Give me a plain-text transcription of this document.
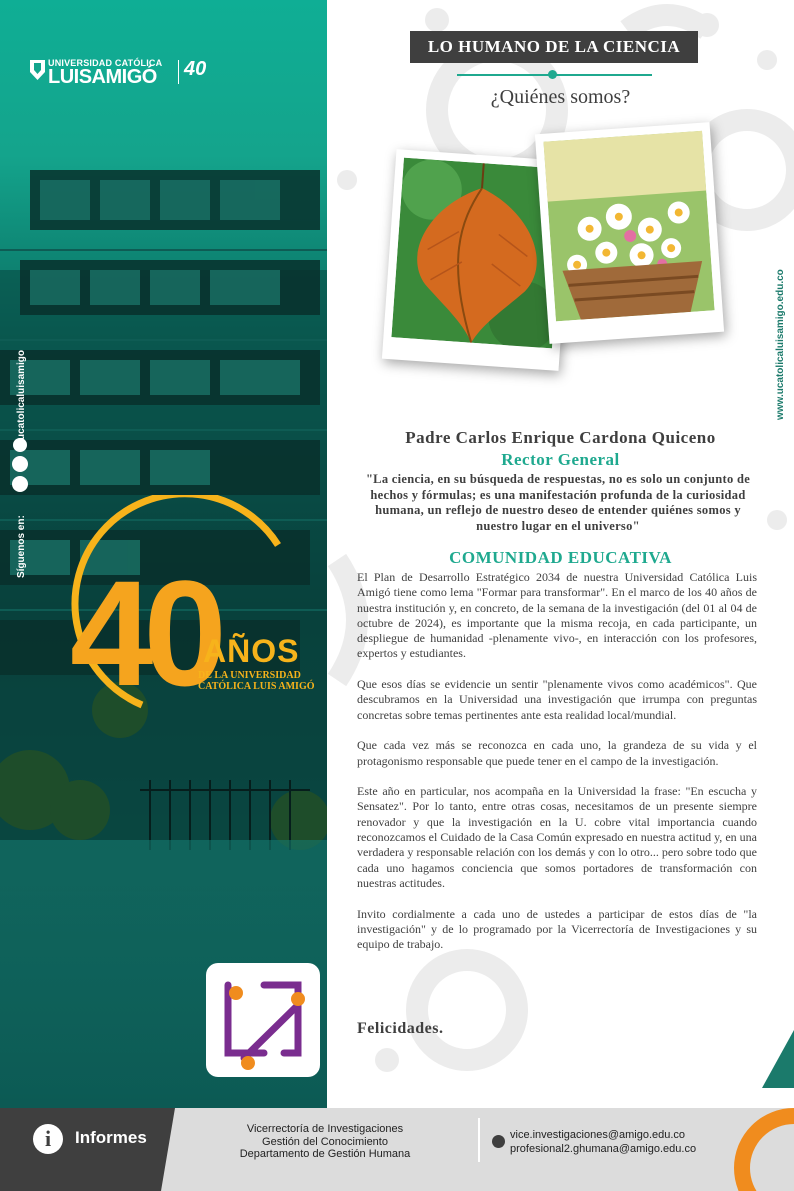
UNIVERSIDAD CATÓLICA
LUISAMIGÓ 40
Síguenos en:
ucatolicaluisamigo
40
AÑOS
DE LA UNIVERSIDAD
CATÓLICA LUIS AMIGÓ
LO HUMANO DE LA CIENCIA
¿Quiénes somos?
www.ucatolicaluisamigo.edu.co
Padre Carlos Enrique Cardona Quiceno
Rector General
"La ciencia, en su búsqueda de respuestas, no es solo un conjunto de hechos y fórmulas; es una manifestación profunda de la curiosidad humana, un reflejo de nuestro deseo de entender quiénes somos y nuestro lugar en el universo"
COMUNIDAD EDUCATIVA

El Plan de Desarrollo Estratégico 2034 de nuestra Universidad Católica Luis Amigó tiene como lema "Formar para transformar". En el marco de los 40 años de nuestra institución y, en concreto, de la semana de la investigación (del 01 al 04 de octubre de 2024), es importante que la misma recoja, en cada participante, un despliegue de humanidad -plenamente vivo-, en interacción con los profesores, expertos y estudiantes.

Que esos días se evidencie un sentir "plenamente vivos como académicos". Que descubramos en la Universidad una investigación que irrumpa con preguntas concretas sobre temas pertinentes ante esta realidad local/mundial.

Que cada vez más se reconozca en cada uno, la grandeza de su vida y el protagonismo responsable que puede tener en el campo de la investigación.

Este año en particular, nos acompaña en la Universidad la frase: "En escucha y Sensatez". Por lo tanto, entre otras cosas, necesitamos de un presente siempre renovador y que la investigación en la U. cobre vital importancia cuando reconozcamos el Cuidado de la Casa Común expresado en nuestra actitud y, en una verdadera y responsable relación con los demás y con lo otro... pero sobre todo que cada uno hagamos conciencia que somos portadores de transformación con nuestras actitudes.

Invito cordialmente a cada uno de ustedes a participar de estos días de "la investigación" y de lo programado por la Vicerrectoría de Investigaciones y su equipo de trabajo.

Felicidades.
i	Informes	Vicerrectoría de Investigaciones
Gestión del Conocimiento
Departamento de Gestión Humana
vice.investigaciones@amigo.edu.co
profesional2.ghumana@amigo.edu.co
